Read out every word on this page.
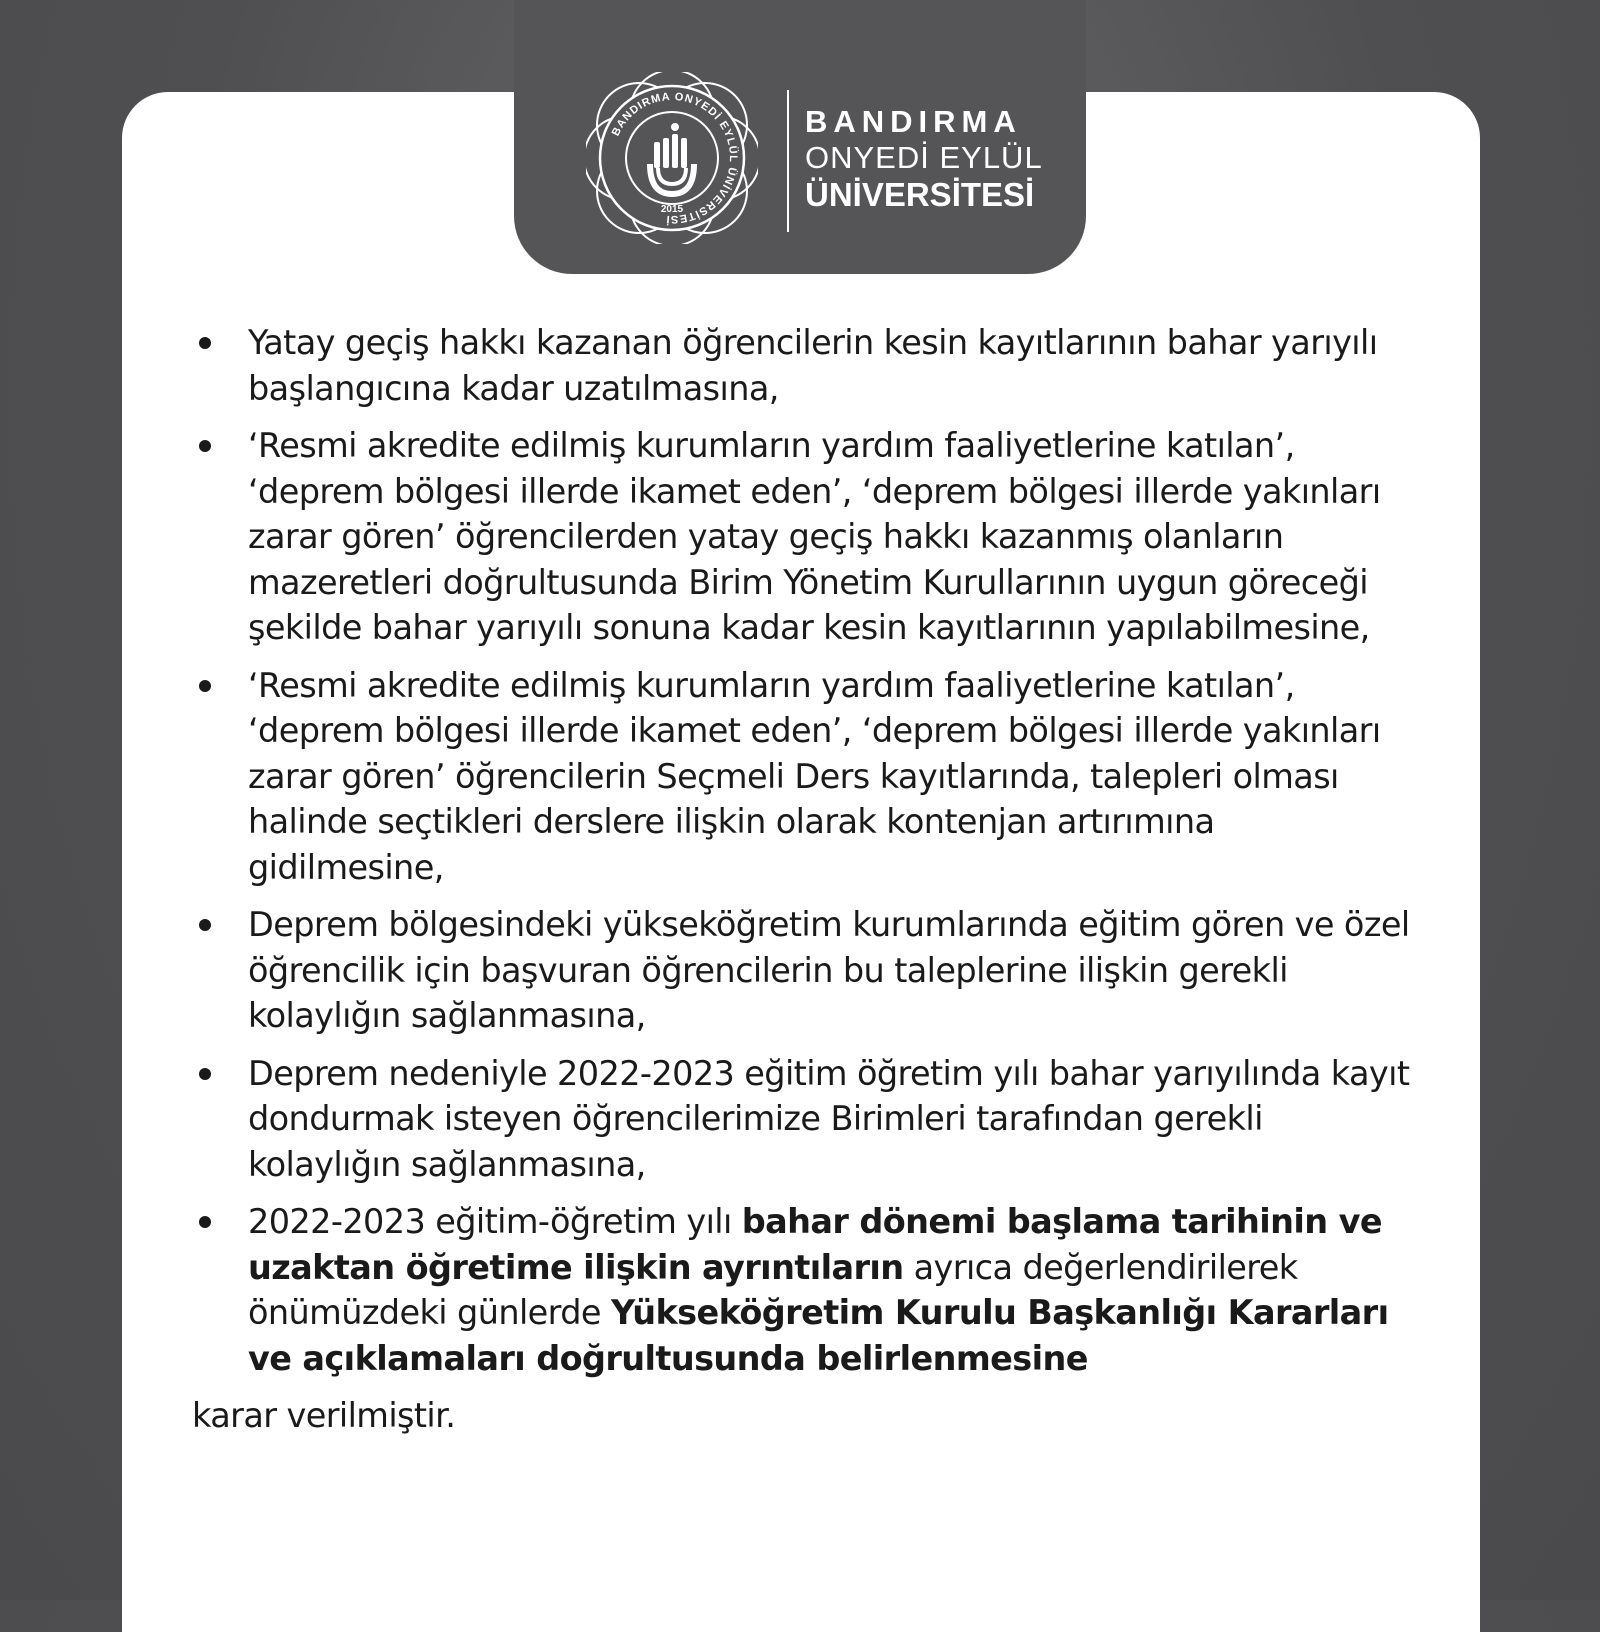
BANDIRMA ONYEDİ EYLÜL ÜNİVERSİTESİ
2015
BANDIRMA
ONYEDİ EYLÜL
ÜNİVERSİTESİ
Yatay geçiş hakkı kazanan öğrencilerin kesin kayıtlarının bahar yarıyılı başlangıcına kadar uzatılmasına,
‘Resmi akredite edilmiş kurumların yardım faaliyetlerine katılan’, ‘deprem bölgesi illerde ikamet eden’, ‘deprem bölgesi illerde yakınları zarar gören’ öğrencilerden yatay geçiş hakkı kazanmış olanların mazeretleri doğrultusunda Birim Yönetim Kurullarının uygun göreceği şekilde bahar yarıyılı sonuna kadar kesin kayıtlarının yapılabilmesine,
‘Resmi akredite edilmiş kurumların yardım faaliyetlerine katılan’, ‘deprem bölgesi illerde ikamet eden’, ‘deprem bölgesi illerde yakınları zarar gören’ öğrencilerin Seçmeli Ders kayıtlarında, talepleri olması halinde seçtikleri derslere ilişkin olarak kontenjan artırımına gidilmesine,
Deprem bölgesindeki yükseköğretim kurumlarında eğitim gören ve özel öğrencilik için başvuran öğrencilerin bu taleplerine ilişkin gerekli kolaylığın sağlanmasına,
Deprem nedeniyle 2022-2023 eğitim öğretim yılı bahar yarıyılında kayıt dondurmak isteyen öğrencilerimize Birimleri tarafından gerekli kolaylığın sağlanmasına,
2022-2023 eğitim-öğretim yılı bahar dönemi başlama tarihinin ve uzaktan öğretime ilişkin ayrıntıların ayrıca değerlendirilerek önümüzdeki günlerde Yükseköğretim Kurulu Başkanlığı Kararları ve açıklamaları doğrultusunda belirlenmesine
karar verilmiştir.
